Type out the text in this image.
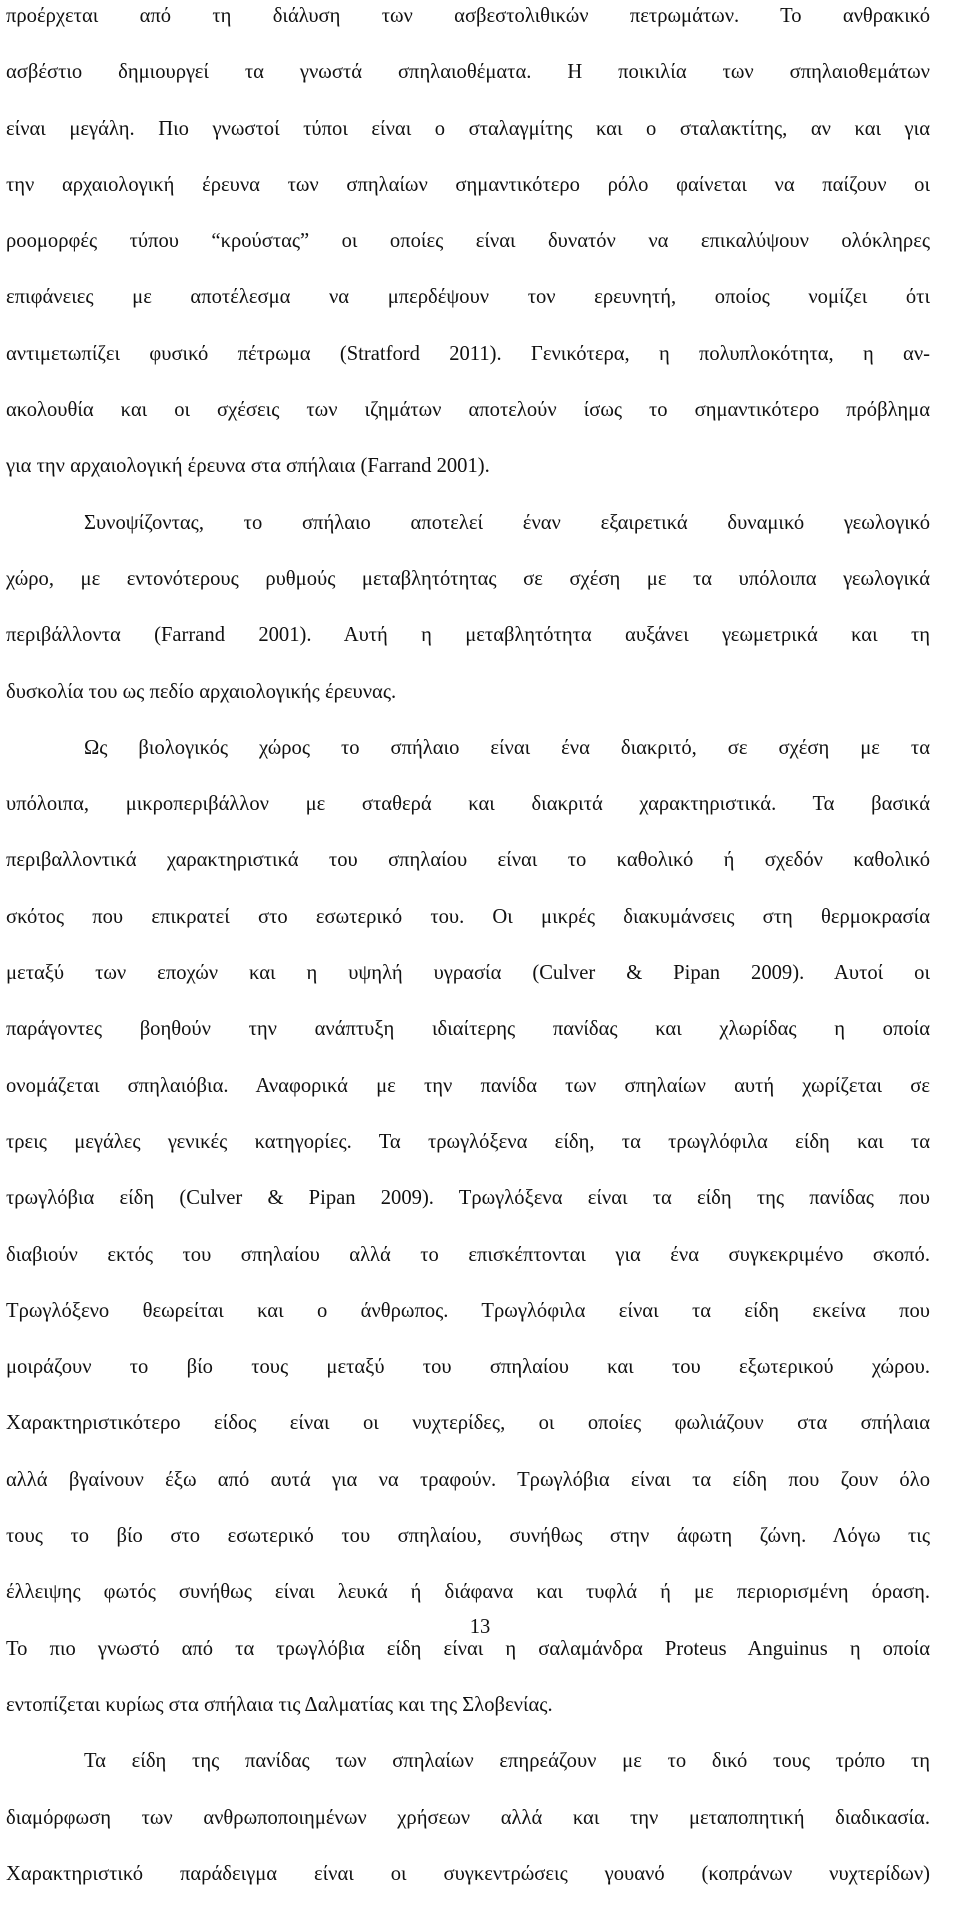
προέρχεται από τη διάλυση των ασβεστολιθικών πετρωμάτων. Το ανθρακικό
ασβέστιο δημιουργεί τα γνωστά σπηλαιοθέματα. Η ποικιλία των σπηλαιοθεμάτων
είναι μεγάλη. Πιο γνωστοί τύποι είναι ο σταλαγμίτης και ο σταλακτίτης, αν και για
την αρχαιολογική έρευνα των σπηλαίων σημαντικότερο ρόλο φαίνεται να παίζουν οι
ροομορφές τύπου “κρούστας” οι οποίες είναι δυνατόν να επικαλύψουν ολόκληρες
επιφάνειες με αποτέλεσμα να μπερδέψουν τον ερευνητή, οποίος νομίζει ότι
αντιμετωπίζει φυσικό πέτρωμα (Stratford 2011). Γενικότερα, η πολυπλοκότητα, η αν-
ακολουθία και οι σχέσεις των ιζημάτων αποτελούν ίσως το σημαντικότερο πρόβλημα
για την αρχαιολογική έρευνα στα σπήλαια (Farrand 2001).
Συνοψίζοντας, το σπήλαιο αποτελεί έναν εξαιρετικά δυναμικό γεωλογικό
χώρο, με εντονότερους ρυθμούς μεταβλητότητας σε σχέση με τα υπόλοιπα γεωλογικά
περιβάλλοντα (Farrand 2001). Αυτή η μεταβλητότητα αυξάνει γεωμετρικά και τη
δυσκολία του ως πεδίο αρχαιολογικής έρευνας.
Ως βιολογικός χώρος το σπήλαιο είναι ένα διακριτό, σε σχέση με τα
υπόλοιπα, μικροπεριβάλλον με σταθερά και διακριτά χαρακτηριστικά. Τα βασικά
περιβαλλοντικά χαρακτηριστικά του σπηλαίου είναι το καθολικό ή σχεδόν καθολικό
σκότος που επικρατεί στο εσωτερικό του. Οι μικρές διακυμάνσεις στη θερμοκρασία
μεταξύ των εποχών και η υψηλή υγρασία (Culver & Pipan 2009). Αυτοί οι
παράγοντες βοηθούν την ανάπτυξη ιδιαίτερης πανίδας και χλωρίδας η οποία
ονομάζεται σπηλαιόβια. Αναφορικά με την πανίδα των σπηλαίων αυτή χωρίζεται σε
τρεις μεγάλες γενικές κατηγορίες. Τα τρωγλόξενα είδη, τα τρωγλόφιλα είδη και τα
τρωγλόβια είδη (Culver & Pipan 2009). Τρωγλόξενα είναι τα είδη της πανίδας που
διαβιούν εκτός του σπηλαίου αλλά το επισκέπτονται για ένα συγκεκριμένο σκοπό.
Τρωγλόξενο θεωρείται και ο άνθρωπος. Τρωγλόφιλα είναι τα είδη εκείνα που
μοιράζουν το βίο τους μεταξύ του σπηλαίου και του εξωτερικού χώρου.
Χαρακτηριστικότερο είδος είναι οι νυχτερίδες, οι οποίες φωλιάζουν στα σπήλαια
αλλά βγαίνουν έξω από αυτά για να τραφούν. Τρωγλόβια είναι τα είδη που ζουν όλο
τους το βίο στο εσωτερικό του σπηλαίου, συνήθως στην άφωτη ζώνη. Λόγω τις
έλλειψης φωτός συνήθως είναι λευκά ή διάφανα και τυφλά ή με περιορισμένη όραση.
Το πιο γνωστό από τα τρωγλόβια είδη είναι η σαλαμάνδρα Proteus Anguinus η οποία
εντοπίζεται κυρίως στα σπήλαια τις Δαλματίας και της Σλοβενίας.
Τα είδη της πανίδας των σπηλαίων επηρεάζουν με το δικό τους τρόπο τη
διαμόρφωση των ανθρωποποιημένων χρήσεων αλλά και την μεταποπητική διαδικασία.
Χαρακτηριστικό παράδειγμα είναι οι συγκεντρώσεις γουανό (κοπράνων νυχτερίδων)
13
